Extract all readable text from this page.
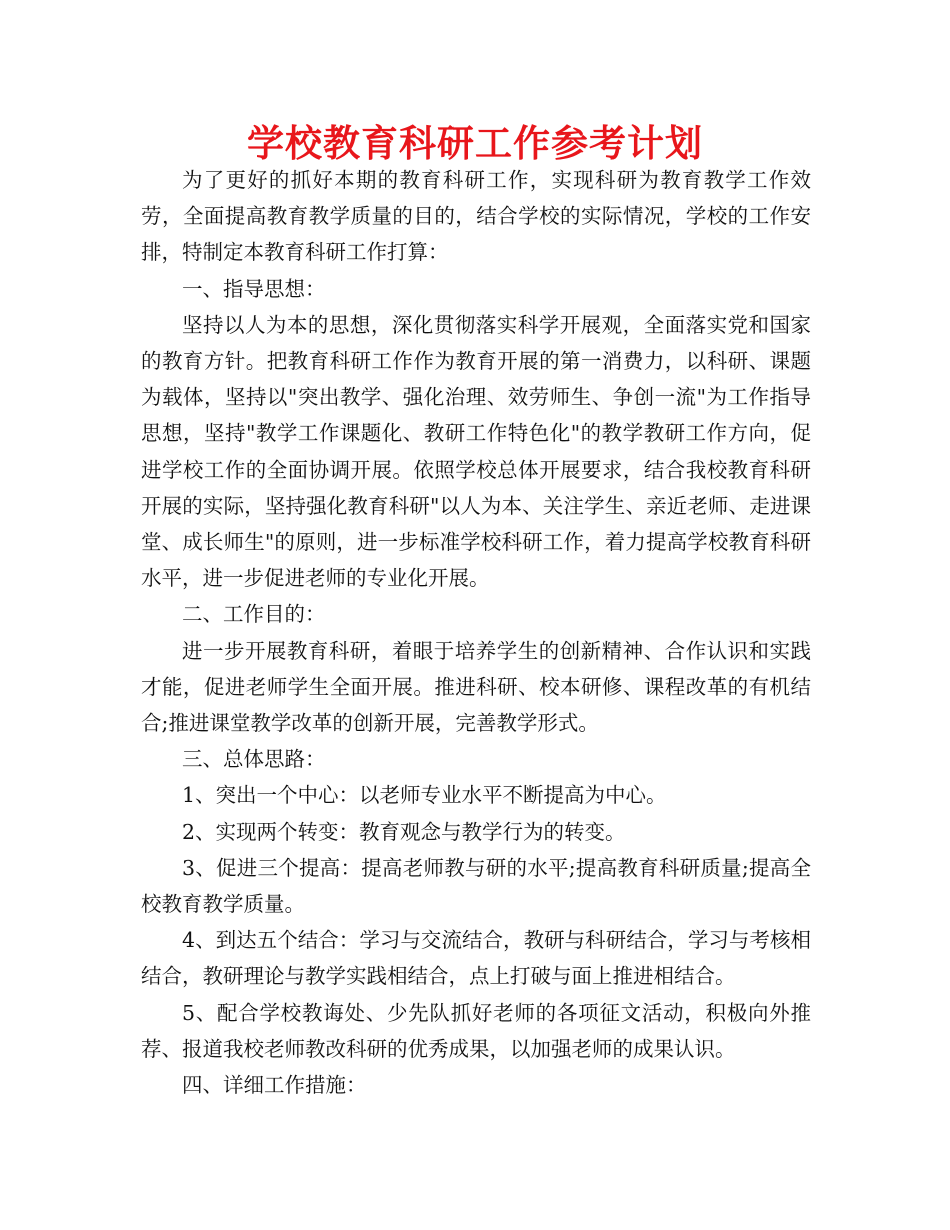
学校教育科研工作参考计划

为了更好的抓好本期的教育科研工作，实现科研为教育教学工作效劳，全面提高教育教学质量的目的，结合学校的实际情况，学校的工作安排，特制定本教育科研工作打算：

一、指导思想：

坚持以人为本的思想，深化贯彻落实科学开展观，全面落实党和国家的教育方针。把教育科研工作作为教育开展的第一消费力，以科研、课题为载体，坚持以"突出教学、强化治理、效劳师生、争创一流"为工作指导思想，坚持"教学工作课题化、教研工作特色化"的教学教研工作方向，促进学校工作的全面协调开展。依照学校总体开展要求，结合我校教育科研开展的实际，坚持强化教育科研"以人为本、关注学生、亲近老师、走进课堂、成长师生"的原则，进一步标准学校科研工作，着力提高学校教育科研水平，进一步促进老师的专业化开展。

二、工作目的：

进一步开展教育科研，着眼于培养学生的创新精神、合作认识和实践才能，促进老师学生全面开展。推进科研、校本研修、课程改革的有机结合;推进课堂教学改革的创新开展，完善教学形式。

三、总体思路：

1、突出一个中心：以老师专业水平不断提高为中心。

2、实现两个转变：教育观念与教学行为的转变。

3、促进三个提高：提高老师教与研的水平;提高教育科研质量;提高全校教育教学质量。

4、到达五个结合：学习与交流结合，教研与科研结合，学习与考核相结合，教研理论与教学实践相结合，点上打破与面上推进相结合。

5、配合学校教诲处、少先队抓好老师的各项征文活动，积极向外推荐、报道我校老师教改科研的优秀成果，以加强老师的成果认识。

四、详细工作措施：
